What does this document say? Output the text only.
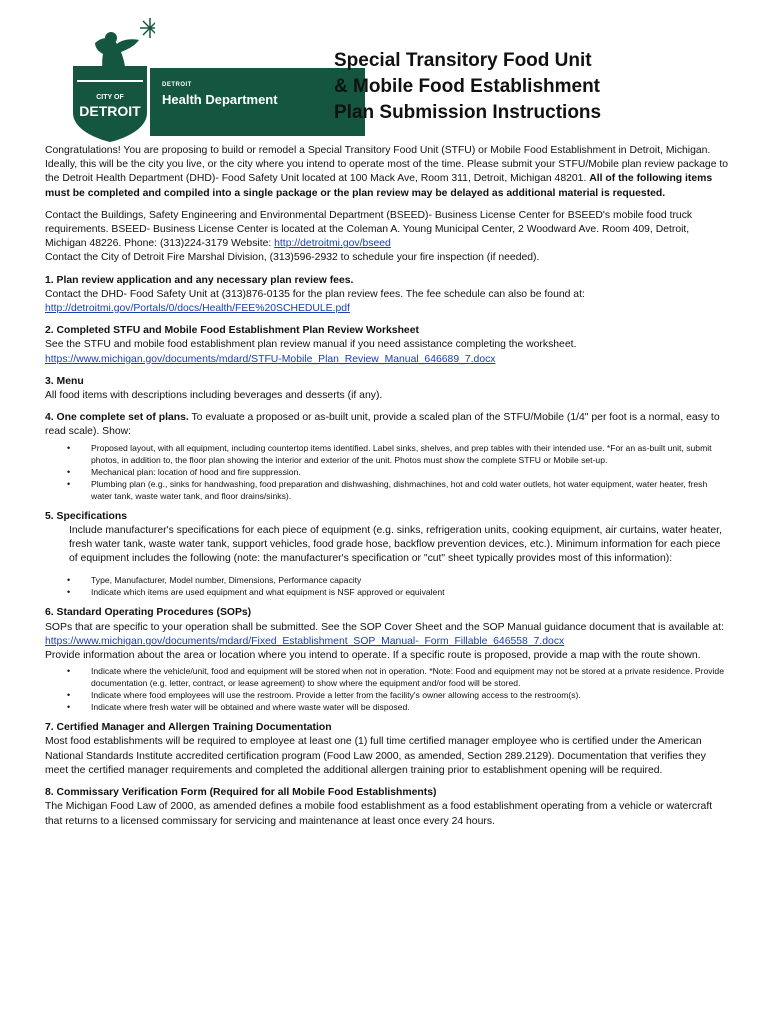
CITY OF
DETROIT
DETROIT
Health Department
Special Transitory Food Unit
& Mobile Food Establishment
Plan Submission Instructions

Congratulations! You are proposing to build or remodel a Special Transitory Food Unit (STFU) or Mobile Food Establishment in Detroit, Michigan. Ideally, this will be the city you live, or the city where you intend to operate most of the time. Please submit your STFU/Mobile plan review package to the Detroit Health Department (DHD)- Food Safety Unit located at 100 Mack Ave, Room 311, Detroit, Michigan 48201. All of the following items must be completed and compiled into a single package or the plan review may be delayed as additional material is requested.

Contact the Buildings, Safety Engineering and Environmental Department (BSEED)- Business License Center for BSEED's mobile food truck requirements. BSEED- Business License Center is located at the Coleman A. Young Municipal Center, 2 Woodward Ave. Room 409, Detroit, Michigan 48226. Phone: (313)224-3179 Website: http://detroitmi.gov/bseed

Contact the City of Detroit Fire Marshal Division, (313)596-2932 to schedule your fire inspection (if needed).

1. Plan review application and any necessary plan review fees.
Contact the DHD- Food Safety Unit at (313)876-0135 for the plan review fees. The fee schedule can also be found at:
http://detroitmi.gov/Portals/0/docs/Health/FEE%20SCHEDULE.pdf

2. Completed STFU and Mobile Food Establishment Plan Review Worksheet
See the STFU and mobile food establishment plan review manual if you need assistance completing the worksheet.
https://www.michigan.gov/documents/mdard/STFU-Mobile_Plan_Review_Manual_646689_7.docx

3. Menu
All food items with descriptions including beverages and desserts (if any).

4. One complete set of plans. To evaluate a proposed or as-built unit, provide a scaled plan of the STFU/Mobile (1/4" per foot is a normal, easy to read scale). Show:

• Proposed layout, with all equipment, including countertop items identified. Label sinks, shelves, and prep tables with their intended use. *For an as-built unit, submit photos, in addition to, the floor plan showing the interior and exterior of the unit. Photos must show the complete STFU or Mobile set-up.
• Mechanical plan: location of hood and fire suppression.
• Plumbing plan (e.g., sinks for handwashing, food preparation and dishwashing, dishmachines, hot and cold water outlets, hot water equipment, water heater, fresh water tank, waste water tank, and floor drains/sinks).

5. Specifications

Include manufacturer's specifications for each piece of equipment (e.g. sinks, refrigeration units, cooking equipment, air curtains, water heater, fresh water tank, waste water tank, support vehicles, food grade hose, backflow prevention devices, etc.). Minimum information for each piece of equipment includes the following (note: the manufacturer's specification or "cut" sheet typically provides most of this information):

• Type, Manufacturer, Model number, Dimensions, Performance capacity
• Indicate which items are used equipment and what equipment is NSF approved or equivalent

6. Standard Operating Procedures (SOPs)
SOPs that are specific to your operation shall be submitted. See the SOP Cover Sheet and the SOP Manual guidance document that is available at: https://www.michigan.gov/documents/mdard/Fixed_Establishment_SOP_Manual-_Form_Fillable_646558_7.docx
Provide information about the area or location where you intend to operate. If a specific route is proposed, provide a map with the route shown.

• Indicate where the vehicle/unit, food and equipment will be stored when not in operation. *Note: Food and equipment may not be stored at a private residence. Provide documentation (e.g. letter, contract, or lease agreement) to show where the equipment and/or food will be stored.
• Indicate where food employees will use the restroom. Provide a letter from the facility's owner allowing access to the restroom(s).
• Indicate where fresh water will be obtained and where waste water will be disposed.

7. Certified Manager and Allergen Training Documentation
Most food establishments will be required to employee at least one (1) full time certified manager employee who is certified under the American National Standards Institute accredited certification program (Food Law 2000, as amended, Section 289.2129). Documentation that verifies they meet the certified manager requirements and completed the additional allergen training prior to establishment opening will be required.

8. Commissary Verification Form (Required for all Mobile Food Establishments)
The Michigan Food Law of 2000, as amended defines a mobile food establishment as a food establishment operating from a vehicle or watercraft that returns to a licensed commissary for servicing and maintenance at least once every 24 hours.
